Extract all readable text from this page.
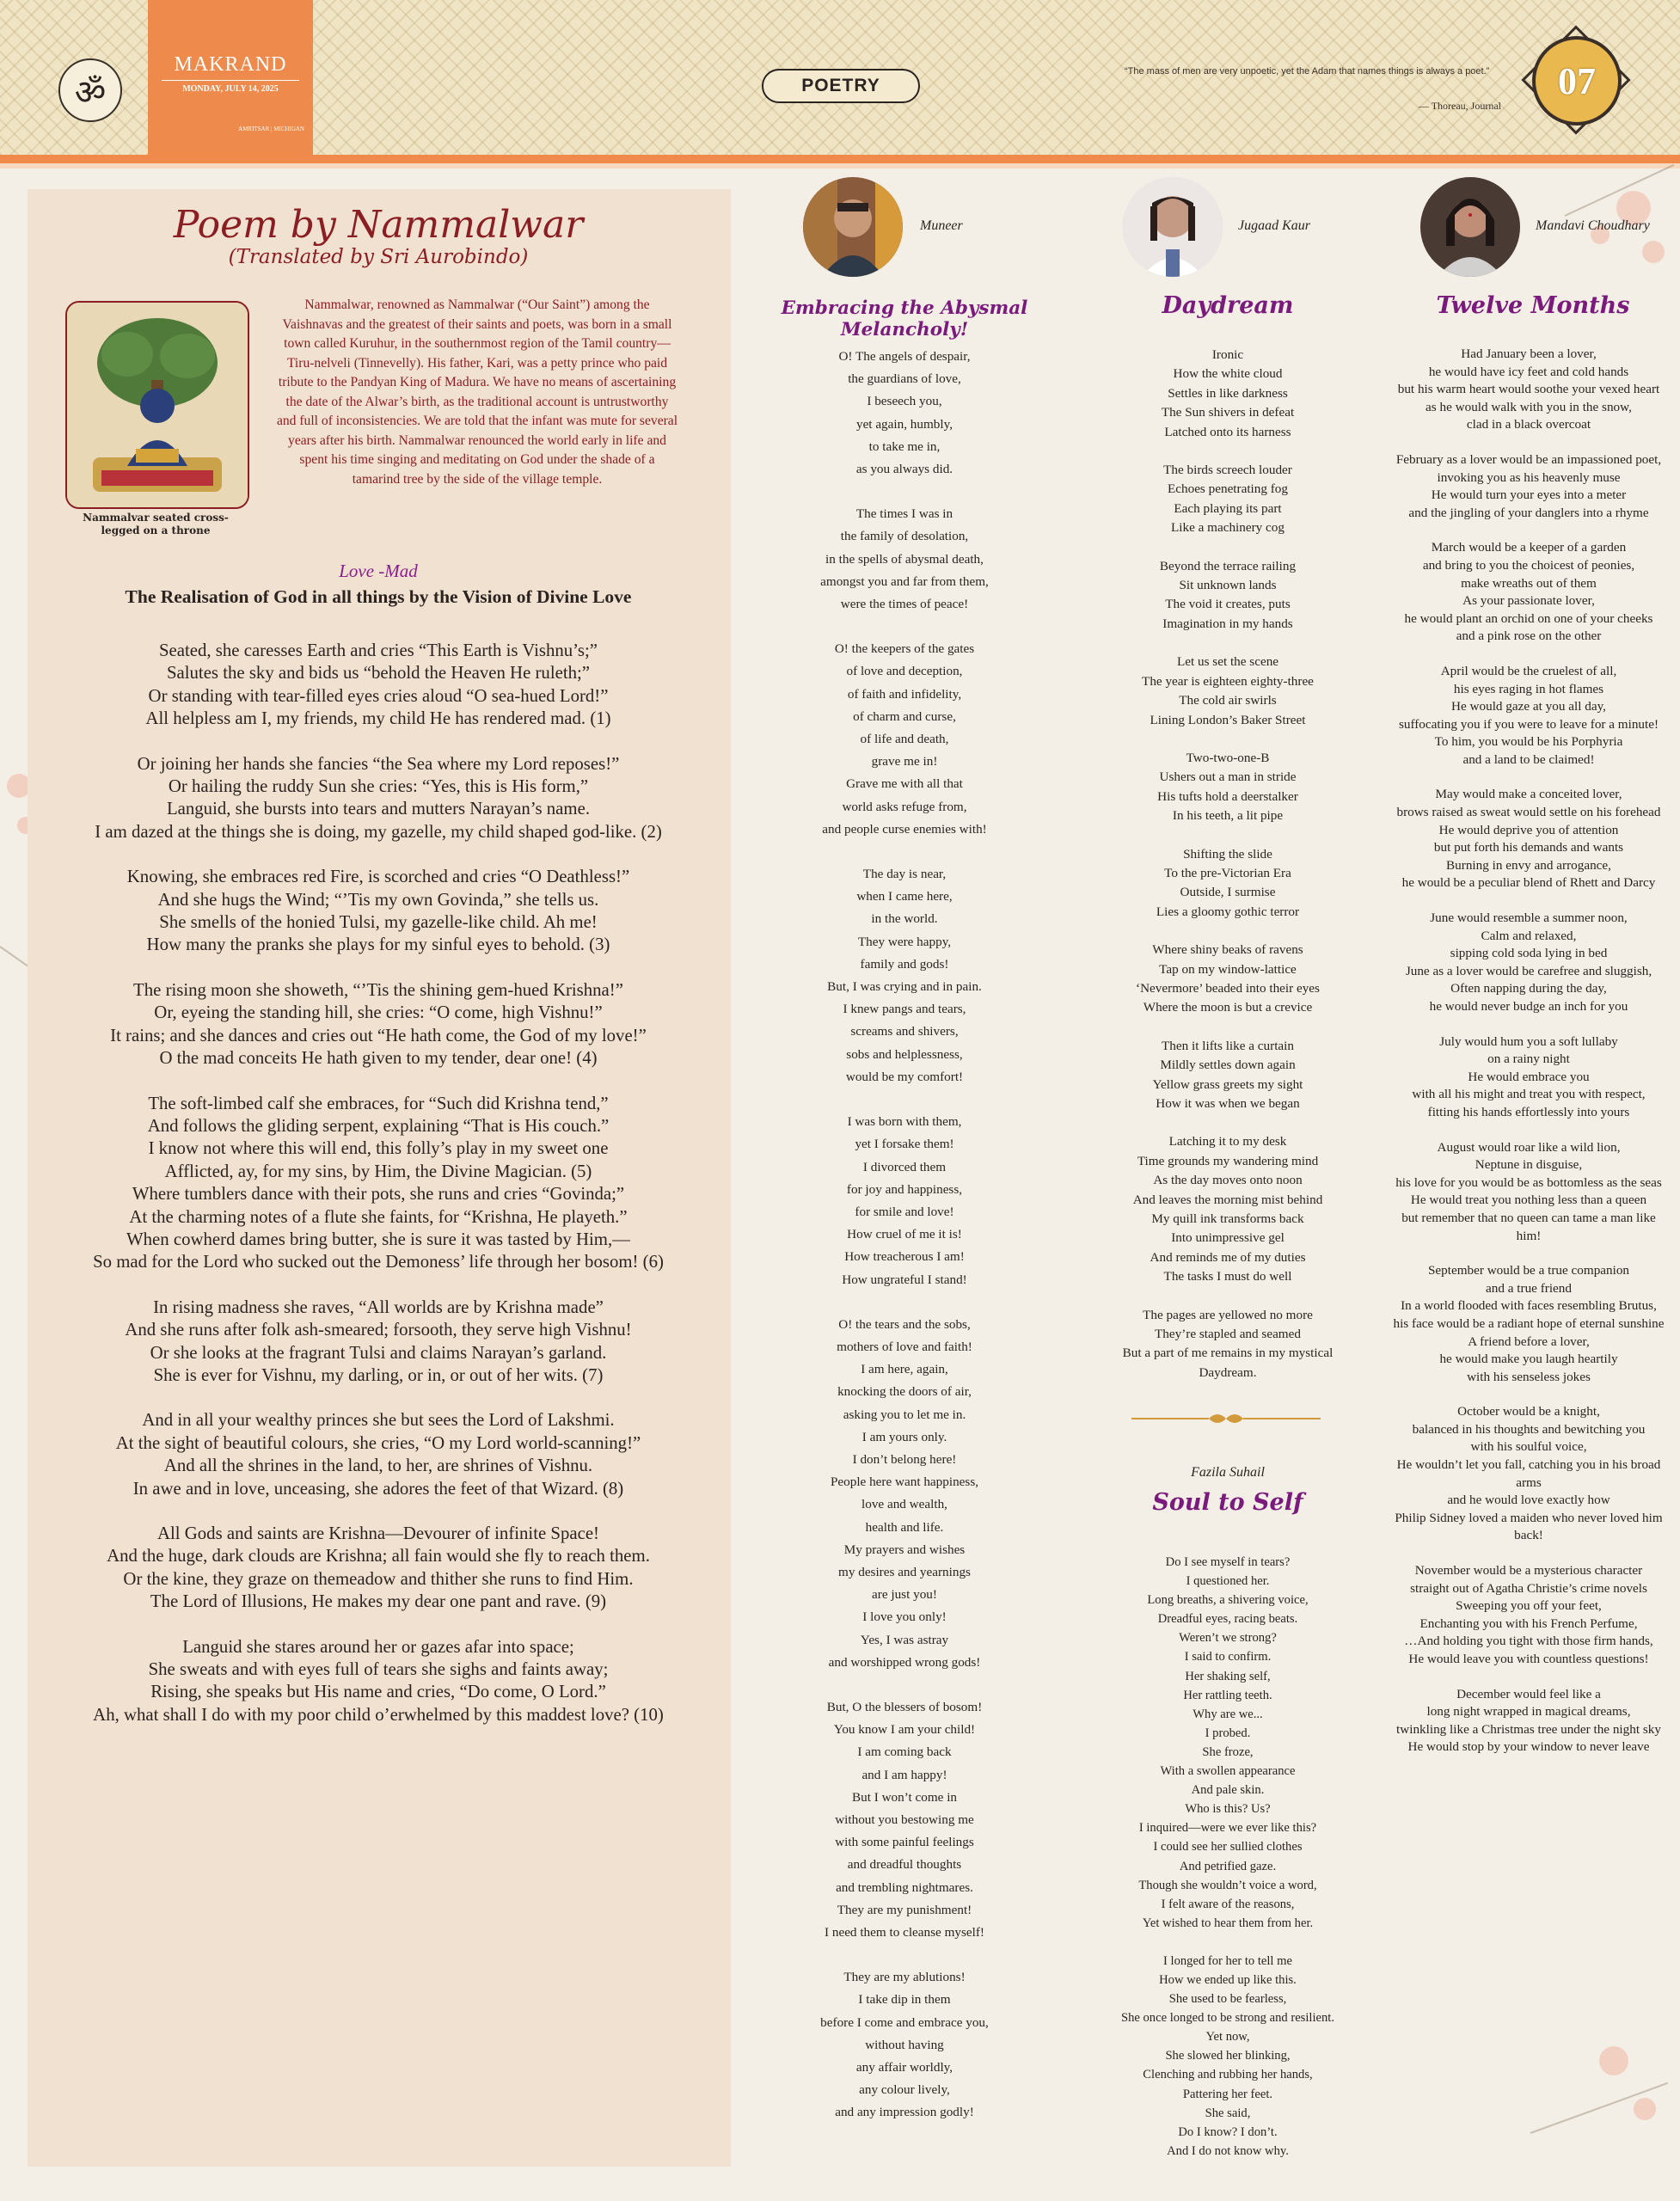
ॐ
MAKRAND
MONDAY, JULY 14, 2025
AMRITSAR | MICHIGAN
POETRY
“The mass of men are very unpoetic, yet the Adam that names things is always a poet.”
— Thoreau, Journal
07
Poem by Nammalwar
(Translated by Sri Aurobindo)
Nammalvar seated cross-legged on a throne
Nammalwar, renowned as Nammalwar (“Our Saint”) among the Vaishnavas and the greatest of their saints and poets, was born in a small town called Kuruhur, in the southernmost region of the Tamil country—Tiru-nelveli (Tinnevelly). His father, Kari, was a petty prince who paid tribute to the Pandyan King of Madura. We have no means of ascertaining the date of the Alwar’s birth, as the traditional account is untrustworthy and full of inconsistencies. We are told that the infant was mute for several years after his birth. Nammalwar renounced the world early in life and spent his time singing and meditating on God under the shade of a tamarind tree by the side of the village temple.
Love -Mad
The Realisation of God in all things by the Vision of Divine Love
Seated, she caresses Earth and cries “This Earth is Vishnu’s;”
Salutes the sky and bids us “behold the Heaven He ruleth;”
Or standing with tear-filled eyes cries aloud “O sea-hued Lord!”
All helpless am I, my friends, my child He has rendered mad. (1)
Or joining her hands she fancies “the Sea where my Lord reposes!”
Or hailing the ruddy Sun she cries: “Yes, this is His form,”
Languid, she bursts into tears and mutters Narayan’s name.
I am dazed at the things she is doing, my gazelle, my child shaped god-like. (2)
Knowing, she embraces red Fire, is scorched and cries “O Deathless!”
And she hugs the Wind; “’Tis my own Govinda,” she tells us.
She smells of the honied Tulsi, my gazelle-like child. Ah me!
How many the pranks she plays for my sinful eyes to behold. (3)
The rising moon she showeth, “’Tis the shining gem-hued Krishna!”
Or, eyeing the standing hill, she cries: “O come, high Vishnu!”
It rains; and she dances and cries out “He hath come, the God of my love!”
O the mad conceits He hath given to my tender, dear one! (4)
The soft-limbed calf she embraces, for “Such did Krishna tend,”
And follows the gliding serpent, explaining “That is His couch.”
I know not where this will end, this folly’s play in my sweet one
Afflicted, ay, for my sins, by Him, the Divine Magician. (5)
Where tumblers dance with their pots, she runs and cries “Govinda;”
At the charming notes of a flute she faints, for “Krishna, He playeth.”
When cowherd dames bring butter, she is sure it was tasted by Him,—
So mad for the Lord who sucked out the Demoness’ life through her bosom! (6)
In rising madness she raves, “All worlds are by Krishna made”
And she runs after folk ash-smeared; forsooth, they serve high Vishnu!
Or she looks at the fragrant Tulsi and claims Narayan’s garland.
She is ever for Vishnu, my darling, or in, or out of her wits. (7)
And in all your wealthy princes she but sees the Lord of Lakshmi.
At the sight of beautiful colours, she cries, “O my Lord world-scanning!”
And all the shrines in the land, to her, are shrines of Vishnu.
In awe and in love, unceasing, she adores the feet of that Wizard. (8)
All Gods and saints are Krishna—Devourer of infinite Space!
And the huge, dark clouds are Krishna; all fain would she fly to reach them.
Or the kine, they graze on themeadow and thither she runs to find Him.
The Lord of Illusions, He makes my dear one pant and rave. (9)
Languid she stares around her or gazes afar into space;
She sweats and with eyes full of tears she sighs and faints away;
Rising, she speaks but His name and cries, “Do come, O Lord.”
Ah, what shall I do with my poor child o’erwhelmed by this maddest love? (10)
Muneer
Embracing the Abysmal Melancholy!
O! The angels of despair,
the guardians of love,
I beseech you,
yet again, humbly,
to take me in,
as you always did.
The times I was in
the family of desolation,
in the spells of abysmal death,
amongst you and far from them,
were the times of peace!
O! the keepers of the gates
of love and deception,
of faith and infidelity,
of charm and curse,
of life and death,
grave me in!
Grave me with all that
world asks refuge from,
and people curse enemies with!
The day is near,
when I came here,
in the world.
They were happy,
family and gods!
But, I was crying and in pain.
I knew pangs and tears,
screams and shivers,
sobs and helplessness,
would be my comfort!
I was born with them,
yet I forsake them!
I divorced them
for joy and happiness,
for smile and love!
How cruel of me it is!
How treacherous I am!
How ungrateful I stand!
O! the tears and the sobs,
mothers of love and faith!
I am here, again,
knocking the doors of air,
asking you to let me in.
I am yours only.
I don’t belong here!
People here want happiness,
love and wealth,
health and life.
My prayers and wishes
my desires and yearnings
are just you!
I love you only!
Yes, I was astray
and worshipped wrong gods!
But, O the blessers of bosom!
You know I am your child!
I am coming back
and I am happy!
But I won’t come in
without you bestowing me
with some painful feelings
and dreadful thoughts
and trembling nightmares.
They are my punishment!
I need them to cleanse myself!
They are my ablutions!
I take dip in them
before I come and embrace you,
without having
any affair worldly,
any colour lively,
and any impression godly!
Jugaad Kaur
Daydream
Ironic
How the white cloud
Settles in like darkness
The Sun shivers in defeat
Latched onto its harness
The birds screech louder
Echoes penetrating fog
Each playing its part
Like a machinery cog
Beyond the terrace railing
Sit unknown lands
The void it creates, puts
Imagination in my hands
Let us set the scene
The year is eighteen eighty-three
The cold air swirls
Lining London’s Baker Street
Two-two-one-B
Ushers out a man in stride
His tufts hold a deerstalker
In his teeth, a lit pipe
Shifting the slide
To the pre-Victorian Era
Outside, I surmise
Lies a gloomy gothic terror
Where shiny beaks of ravens
Tap on my window-lattice
‘Nevermore’ beaded into their eyes
Where the moon is but a crevice
Then it lifts like a curtain
Mildly settles down again
Yellow grass greets my sight
How it was when we began
Latching it to my desk
Time grounds my wandering mind
As the day moves onto noon
And leaves the morning mist behind
My quill ink transforms back
Into unimpressive gel
And reminds me of my duties
The tasks I must do well
The pages are yellowed no more
They’re stapled and seamed
But a part of me remains in my mystical
Daydream.
Fazila Suhail
Soul to Self
Do I see myself in tears?
I questioned her.
Long breaths, a shivering voice,
Dreadful eyes, racing beats.
Weren’t we strong?
I said to confirm.
Her shaking self,
Her rattling teeth.
Why are we...
I probed.
She froze,
With a swollen appearance
And pale skin.
Who is this? Us?
I inquired—were we ever like this?
I could see her sullied clothes
And petrified gaze.
Though she wouldn’t voice a word,
I felt aware of the reasons,
Yet wished to hear them from her.
I longed for her to tell me
How we ended up like this.
She used to be fearless,
She once longed to be strong and resilient.
Yet now,
She slowed her blinking,
Clenching and rubbing her hands,
Pattering her feet.
She said,
Do I know? I don’t.
And I do not know why.
Mandavi Choudhary
Twelve Months
Had January been a lover,
he would have icy feet and cold hands
but his warm heart would soothe your vexed heart
as he would walk with you in the snow,
clad in a black overcoat
February as a lover would be an impassioned poet,
invoking you as his heavenly muse
He would turn your eyes into a meter
and the jingling of your danglers into a rhyme
March would be a keeper of a garden
and bring to you the choicest of peonies,
make wreaths out of them
As your passionate lover,
he would plant an orchid on one of your cheeks
and a pink rose on the other
April would be the cruelest of all,
his eyes raging in hot flames
He would gaze at you all day,
suffocating you if you were to leave for a minute!
To him, you would be his Porphyria
and a land to be claimed!
May would make a conceited lover,
brows raised as sweat would settle on his forehead
He would deprive you of attention
but put forth his demands and wants
Burning in envy and arrogance,
he would be a peculiar blend of Rhett and Darcy
June would resemble a summer noon,
Calm and relaxed,
sipping cold soda lying in bed
June as a lover would be carefree and sluggish,
Often napping during the day,
he would never budge an inch for you
July would hum you a soft lullaby
on a rainy night
He would embrace you
with all his might and treat you with respect,
fitting his hands effortlessly into yours
August would roar like a wild lion,
Neptune in disguise,
his love for you would be as bottomless as the seas
He would treat you nothing less than a queen
but remember that no queen can tame a man like him!
September would be a true companion
and a true friend
In a world flooded with faces resembling Brutus,
his face would be a radiant hope of eternal sunshine
A friend before a lover,
he would make you laugh heartily
with his senseless jokes
October would be a knight,
balanced in his thoughts and bewitching you
with his soulful voice,
He wouldn’t let you fall, catching you in his broad arms
and he would love exactly how
Philip Sidney loved a maiden who never loved him back!
November would be a mysterious character
straight out of Agatha Christie’s crime novels
Sweeping you off your feet,
Enchanting you with his French Perfume,
…And holding you tight with those firm hands,
He would leave you with countless questions!
December would feel like a
long night wrapped in magical dreams,
twinkling like a Christmas tree under the night sky
He would stop by your window to never leave
